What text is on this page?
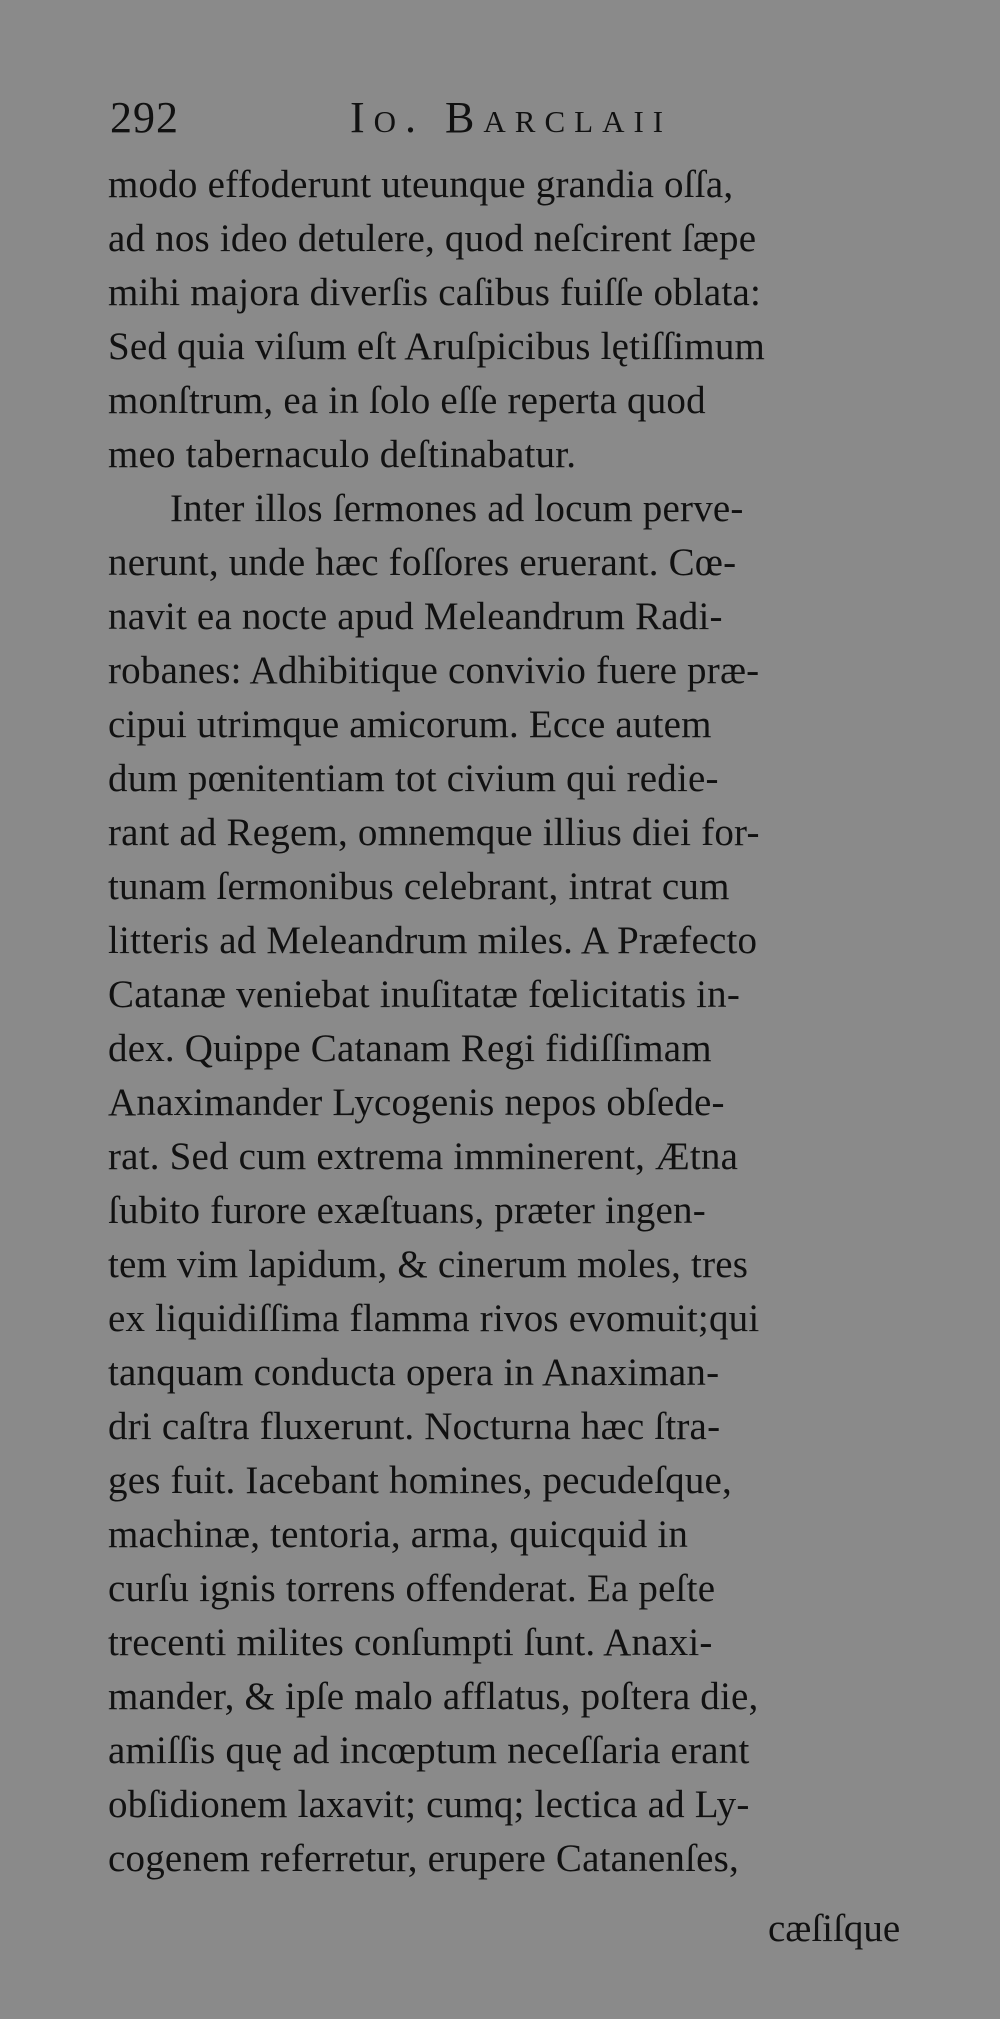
292	Io. Barclaii
modo effoderunt uteunque grandia oſſa,
ad nos ideo detulere, quod neſcirent ſæpe
mihi majora diverſis caſibus fuiſſe oblata:
Sed quia viſum eſt Aruſpicibus lętiſſimum
monſtrum, ea in ſolo eſſe reperta quod
meo tabernaculo deſtinabatur.
Inter illos ſermones ad locum perve-
nerunt, unde hæc foſſores eruerant. Cœ-
navit ea nocte apud Meleandrum Radi-
robanes: Adhibitique convivio fuere præ-
cipui utrimque amicorum. Ecce autem
dum pœnitentiam tot civium qui redie-
rant ad Regem, omnemque illius diei for-
tunam ſermonibus celebrant, intrat cum
litteris ad Meleandrum miles. A Præfecto
Catanæ veniebat inuſitatæ fœlicitatis in-
dex. Quippe Catanam Regi fidiſſimam
Anaximander Lycogenis nepos obſede-
rat. Sed cum extrema imminerent, Ætna
ſubito furore exæſtuans, præter ingen-
tem vim lapidum, & cinerum moles, tres
ex liquidiſſima flamma rivos evomuit;qui
tanquam conducta opera in Anaximan-
dri caſtra fluxerunt. Nocturna hæc ſtra-
ges fuit. Iacebant homines, pecudeſque,
machinæ, tentoria, arma, quicquid in
curſu ignis torrens offenderat. Ea peſte
trecenti milites conſumpti ſunt. Anaxi-
mander, & ipſe malo afflatus, poſtera die,
amiſſis quę ad incœptum neceſſaria erant
obſidionem laxavit; cumq; lectica ad Ly-
cogenem referretur, erupere Catanenſes,
cæſiſque
